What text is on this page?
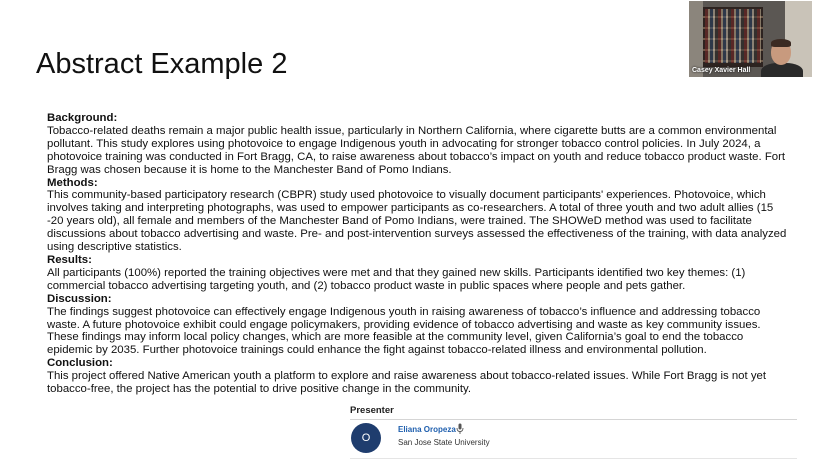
Abstract Example 2

Background:

Tobacco-related deaths remain a major public health issue, particularly in Northern California, where cigarette butts are a common environmental pollutant. This study explores using photovoice to engage Indigenous youth in advocating for stronger tobacco control policies. In July 2024, a photovoice training was conducted in Fort Bragg, CA, to raise awareness about tobacco’s impact on youth and reduce tobacco product waste. Fort Bragg was chosen because it is home to the Manchester Band of Pomo Indians.

Methods:

This community-based participatory research (CBPR) study used photovoice to visually document participants' experiences. Photovoice, which involves taking and interpreting photographs, was used to empower participants as co-researchers. A total of three youth and two adult allies (15 -20 years old), all female and members of the Manchester Band of Pomo Indians, were trained. The SHOWeD method was used to facilitate discussions about tobacco advertising and waste. Pre- and post-intervention surveys assessed the effectiveness of the training, with data analyzed using descriptive statistics.

Results:

All participants (100%) reported the training objectives were met and that they gained new skills. Participants identified two key themes: (1) commercial tobacco advertising targeting youth, and (2) tobacco product waste in public spaces where people and pets gather.

Discussion:

The findings suggest photovoice can effectively engage Indigenous youth in raising awareness of tobacco’s influence and addressing tobacco waste. A future photovoice exhibit could engage policymakers, providing evidence of tobacco advertising and waste as key community issues. These findings may inform local policy changes, which are more feasible at the community level, given California’s goal to end the tobacco epidemic by 2035. Further photovoice trainings could enhance the fight against tobacco-related illness and environmental pollution.

Conclusion:

This project offered Native American youth a platform to explore and raise awareness about tobacco-related issues. While Fort Bragg is not yet tobacco-free, the project has the potential to drive positive change in the community.

Casey Xavier Hall
Presenter
O
Eliana Oropeza
San Jose State University
